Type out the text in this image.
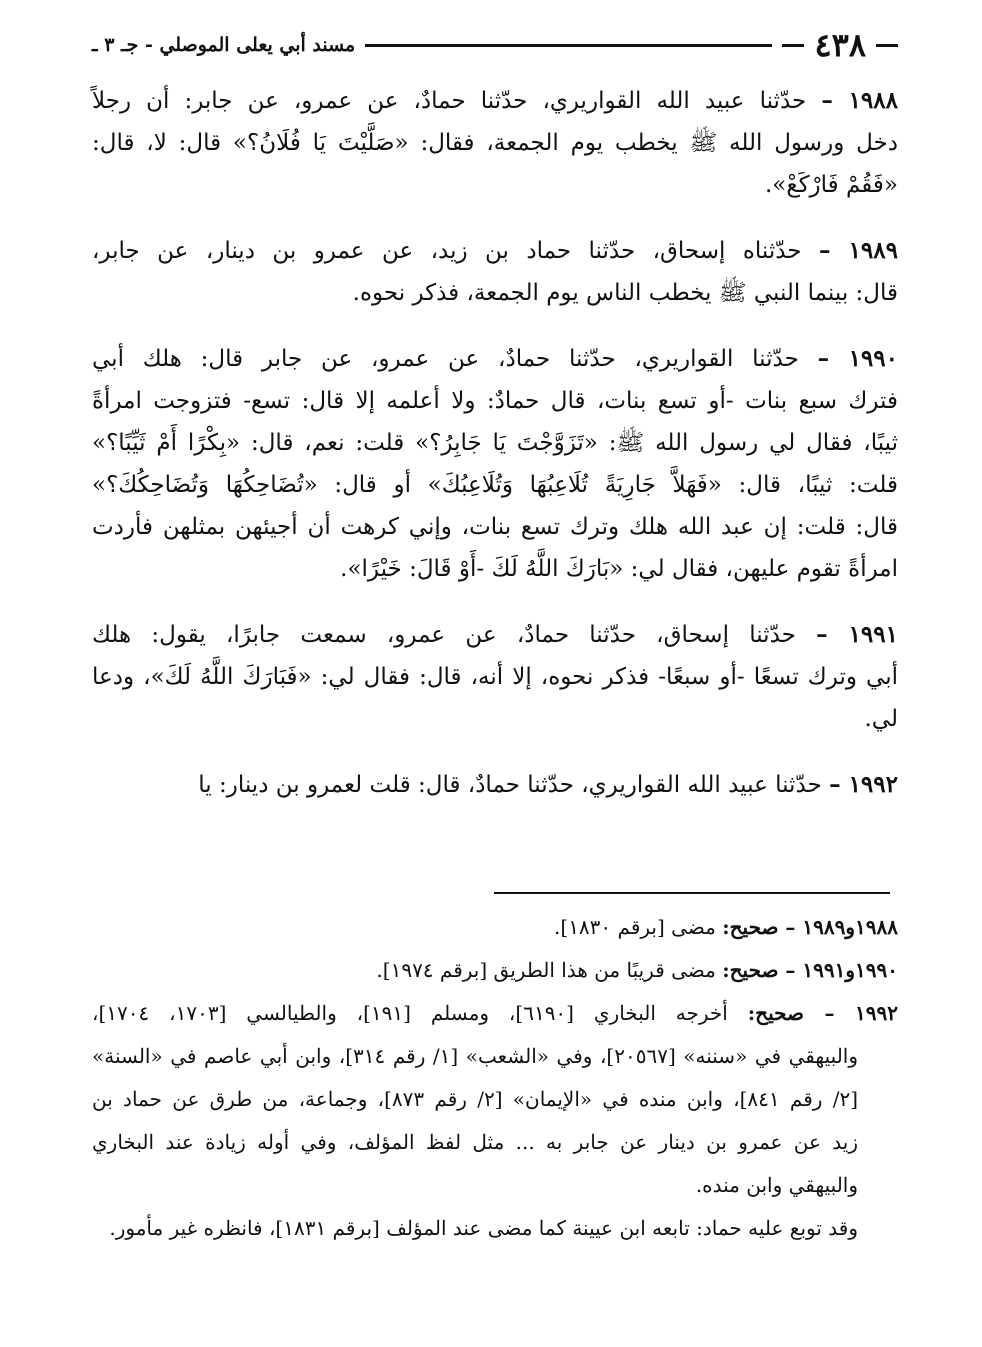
٤٣٨
مسند أبي يعلى الموصلي - جـ ٣ ـ
١٩٨٨ – حدّثنا عبيد الله القواريري، حدّثنا حمادٌ، عن عمرو، عن جابر: أن رجلاً
دخل ورسول الله ﷺ يخطب يوم الجمعة، فقال: «صَلَّيْتَ يَا فُلَانُ؟» قال: لا، قال:
«فَقُمْ فَارْكَعْ».
١٩٨٩ – حدّثناه إسحاق، حدّثنا حماد بن زيد، عن عمرو بن دينار، عن جابر،
قال: بينما النبي ﷺ يخطب الناس يوم الجمعة، فذكر نحوه.
١٩٩٠ – حدّثنا القواريري، حدّثنا حمادٌ، عن عمرو، عن جابر قال: هلك أبي
فترك سبع بنات -أو تسع بنات، قال حمادٌ: ولا أعلمه إلا قال: تسع- فتزوجت امرأةً
ثيبًا، فقال لي رسول الله ﷺ: «تَزَوَّجْتَ يَا جَابِرُ؟» قلت: نعم، قال: «بِكْرًا أَمْ ثَيِّبًا؟»
قلت: ثيبًا، قال: «فَهَلاَّ جَارِيَةً تُلَاعِبُهَا وَتُلَاعِبُكَ» أو قال: «تُضَاحِكُهَا وَتُضَاحِكُكَ؟»
قال: قلت: إن عبد الله هلك وترك تسع بنات، وإني كرهت أن أجيئهن بمثلهن فأردت
امرأةً تقوم عليهن، فقال لي: «بَارَكَ اللَّهُ لَكَ -أَوْ قَالَ: خَيْرًا».
١٩٩١ – حدّثنا إسحاق، حدّثنا حمادٌ، عن عمرو، سمعت جابرًا، يقول: هلك
أبي وترك تسعًا -أو سبعًا- فذكر نحوه، إلا أنه، قال: فقال لي: «فَبَارَكَ اللَّهُ لَكَ»، ودعا
لي.
١٩٩٢ – حدّثنا عبيد الله القواريري، حدّثنا حمادٌ، قال: قلت لعمرو بن دينار: يا
١٩٨٨و١٩٨٩ – صحيح: مضى [برقم ١٨٣٠].
١٩٩٠و١٩٩١ – صحيح: مضى قريبًا من هذا الطريق [برقم ١٩٧٤].
١٩٩٢ – صحيح: أخرجه البخاري [٦١٩٠]، ومسلم [١٩١]، والطيالسي [١٧٠٣، ١٧٠٤]،
والبيهقي في «سننه» [٢٠٥٦٧]، وفي «الشعب» [١/ رقم ٣١٤]، وابن أبي عاصم في «السنة»
[٢/ رقم ٨٤١]، وابن منده في «الإيمان» [٢/ رقم ٨٧٣]، وجماعة، من طرق عن حماد بن
زيد عن عمرو بن دينار عن جابر به ... مثل لفظ المؤلف، وفي أوله زيادة عند البخاري
والبيهقي وابن منده.
وقد توبع عليه حماد: تابعه ابن عيينة كما مضى عند المؤلف [برقم ١٨٣١]، فانظره غير مأمور.
